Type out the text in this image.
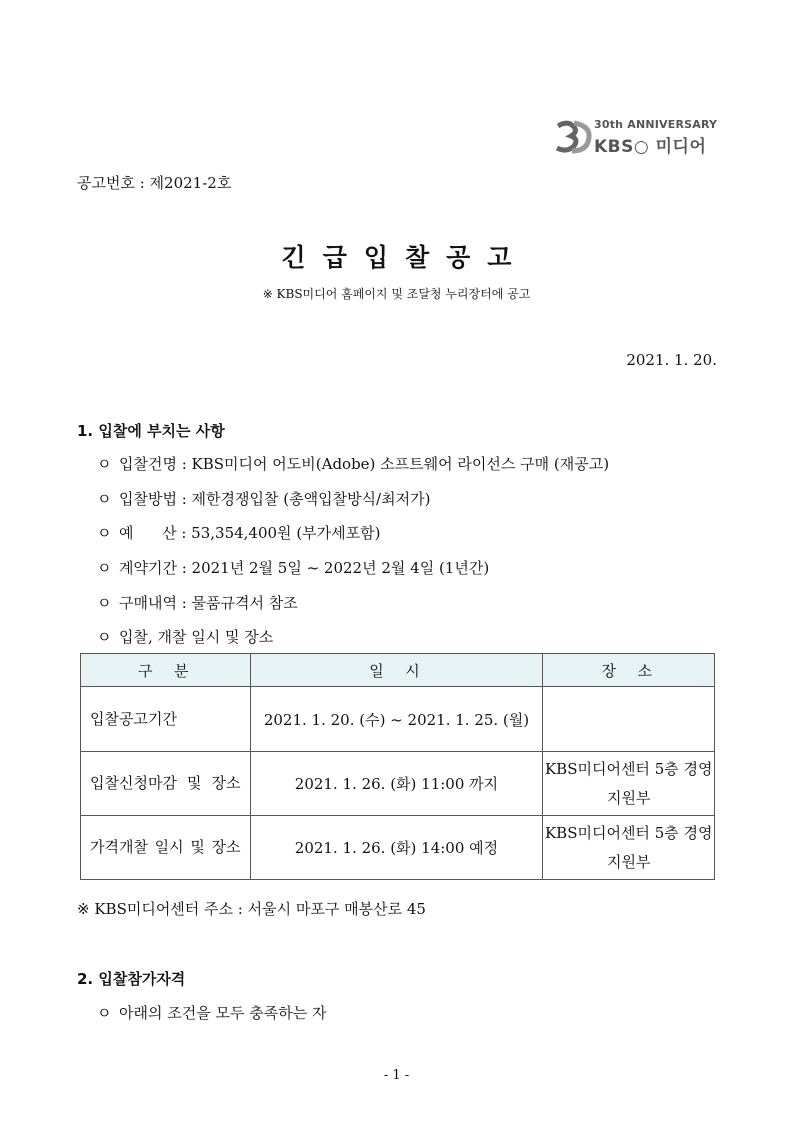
30th ANNIVERSARY
KBS○ 미디어
공고번호 : 제2021-2호
긴급입찰공고
※ KBS미디어 홈페이지 및 조달청 누리장터에 공고
2021. 1. 20.
1. 입찰에 부치는 사항
ㅇ 입찰건명 : KBS미디어 어도비(Adobe) 소프트웨어 라이선스 구매 (재공고)
ㅇ 입찰방법 : 제한경쟁입찰 (총액입찰방식/최저가)
ㅇ 예      산 : 53,354,400원 (부가세포함)
ㅇ 계약기간 : 2021년 2월 5일 ~ 2022년 2월 4일 (1년간)
ㅇ 구매내역 : 물품규격서 참조
ㅇ 입찰, 개찰 일시 및 장소
구  분	일  시	장  소
입찰공고기간	2021. 1. 20. (수) ~ 2021. 1. 25. (월)	
입찰신청마감 및 장소	2021. 1. 26. (화) 11:00 까지	KBS미디어센터 5층 경영지원부
가격개찰 일시 및 장소	2021. 1. 26. (화) 14:00 예정	KBS미디어센터 5층 경영지원부
※ KBS미디어센터 주소 : 서울시 마포구 매봉산로 45
2. 입찰참가자격
ㅇ 아래의 조건을 모두 충족하는 자
- 1 -
